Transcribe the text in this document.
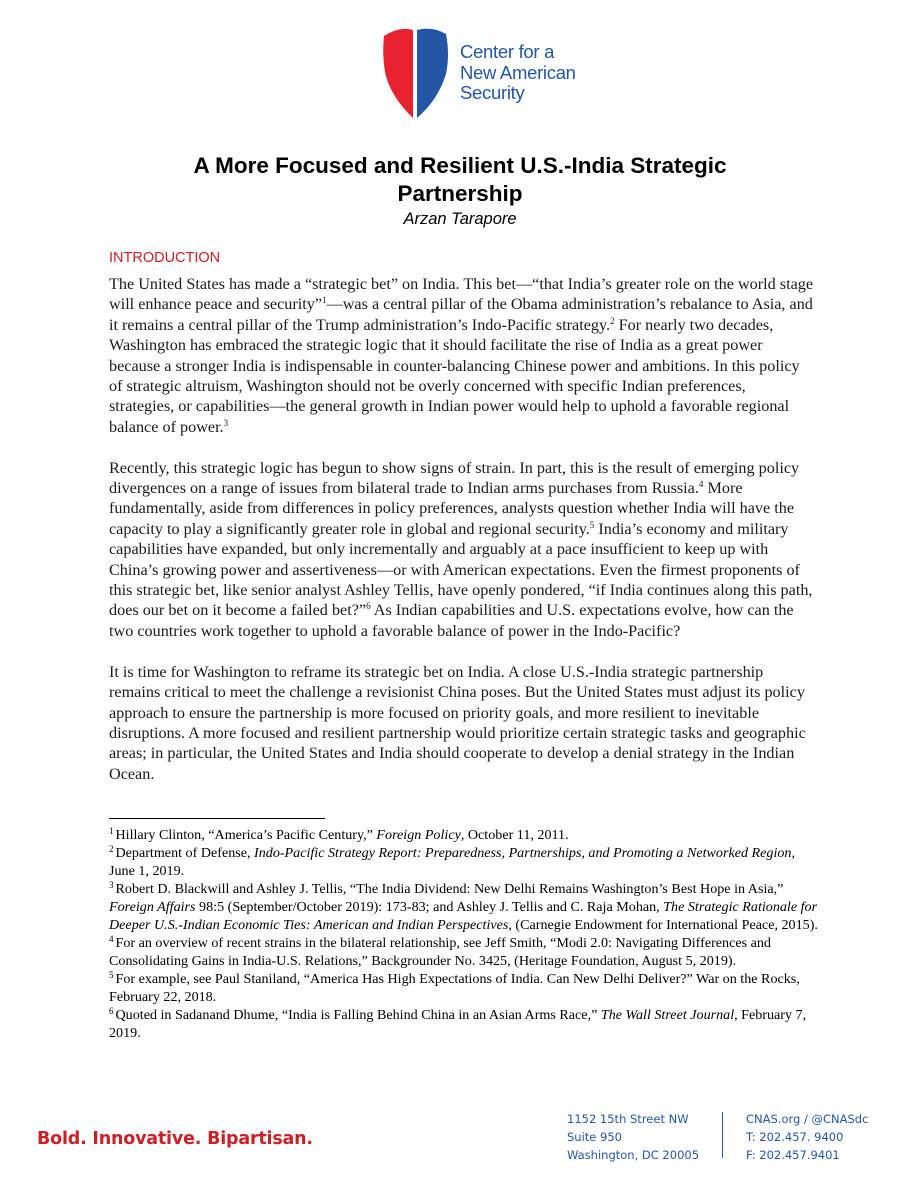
Center for a
New American
Security
A More Focused and Resilient U.S.-India Strategic
Partnership
Arzan Tarapore
INTRODUCTION

The United States has made a “strategic bet” on India. This bet—“that India’s greater role on the world stage will enhance peace and security”$^1$—was a central pillar of the Obama administration’s rebalance to Asia, and it remains a central pillar of the Trump administration’s Indo-Pacific strategy.$^2$ For nearly two decades, Washington has embraced the strategic logic that it should facilitate the rise of India as a great power because a stronger India is indispensable in counter-balancing Chinese power and ambitions. In this policy of strategic altruism, Washington should not be overly concerned with specific Indian preferences, strategies, or capabilities—the general growth in Indian power would help to uphold a favorable regional balance of power.$^3$

Recently, this strategic logic has begun to show signs of strain. In part, this is the result of emerging policy divergences on a range of issues from bilateral trade to Indian arms purchases from Russia.$^4$ More fundamentally, aside from differences in policy preferences, analysts question whether India will have the capacity to play a significantly greater role in global and regional security.$^5$ India’s economy and military capabilities have expanded, but only incrementally and arguably at a pace insufficient to keep up with China’s growing power and assertiveness—or with American expectations. Even the firmest proponents of this strategic bet, like senior analyst Ashley Tellis, have openly pondered, “if India continues along this path, does our bet on it become a failed bet?”$^6$ As Indian capabilities and U.S. expectations evolve, how can the two countries work together to uphold a favorable balance of power in the Indo-Pacific?

It is time for Washington to reframe its strategic bet on India. A close U.S.-India strategic partnership remains critical to meet the challenge a revisionist China poses. But the United States must adjust its policy approach to ensure the partnership is more focused on priority goals, and more resilient to inevitable disruptions. A more focused and resilient partnership would prioritize certain strategic tasks and geographic areas; in particular, the United States and India should cooperate to develop a denial strategy in the Indian Ocean.

$^1$ Hillary Clinton, “America’s Pacific Century,” Foreign Policy, October 11, 2011.

$^2$ Department of Defense, Indo-Pacific Strategy Report: Preparedness, Partnerships, and Promoting a Networked Region, June 1, 2019.

$^3$ Robert D. Blackwill and Ashley J. Tellis, “The India Dividend: New Delhi Remains Washington’s Best Hope in Asia,” Foreign Affairs 98:5 (September/October 2019): 173-83; and Ashley J. Tellis and C. Raja Mohan, The Strategic Rationale for Deeper U.S.-Indian Economic Ties: American and Indian Perspectives, (Carnegie Endowment for International Peace, 2015).

$^4$ For an overview of recent strains in the bilateral relationship, see Jeff Smith, “Modi 2.0: Navigating Differences and Consolidating Gains in India-U.S. Relations,” Backgrounder No. 3425, (Heritage Foundation, August 5, 2019).

$^5$ For example, see Paul Staniland, “America Has High Expectations of India. Can New Delhi Deliver?” War on the Rocks, February 22, 2018.

$^6$ Quoted in Sadanand Dhume, “India is Falling Behind China in an Asian Arms Race,” The Wall Street Journal, February 7, 2019.

Bold. Innovative. Bipartisan.
1152 15th Street NW
Suite 950
Washington, DC 20005
CNAS.org / @CNASdc
T: 202.457. 9400
F: 202.457.9401
